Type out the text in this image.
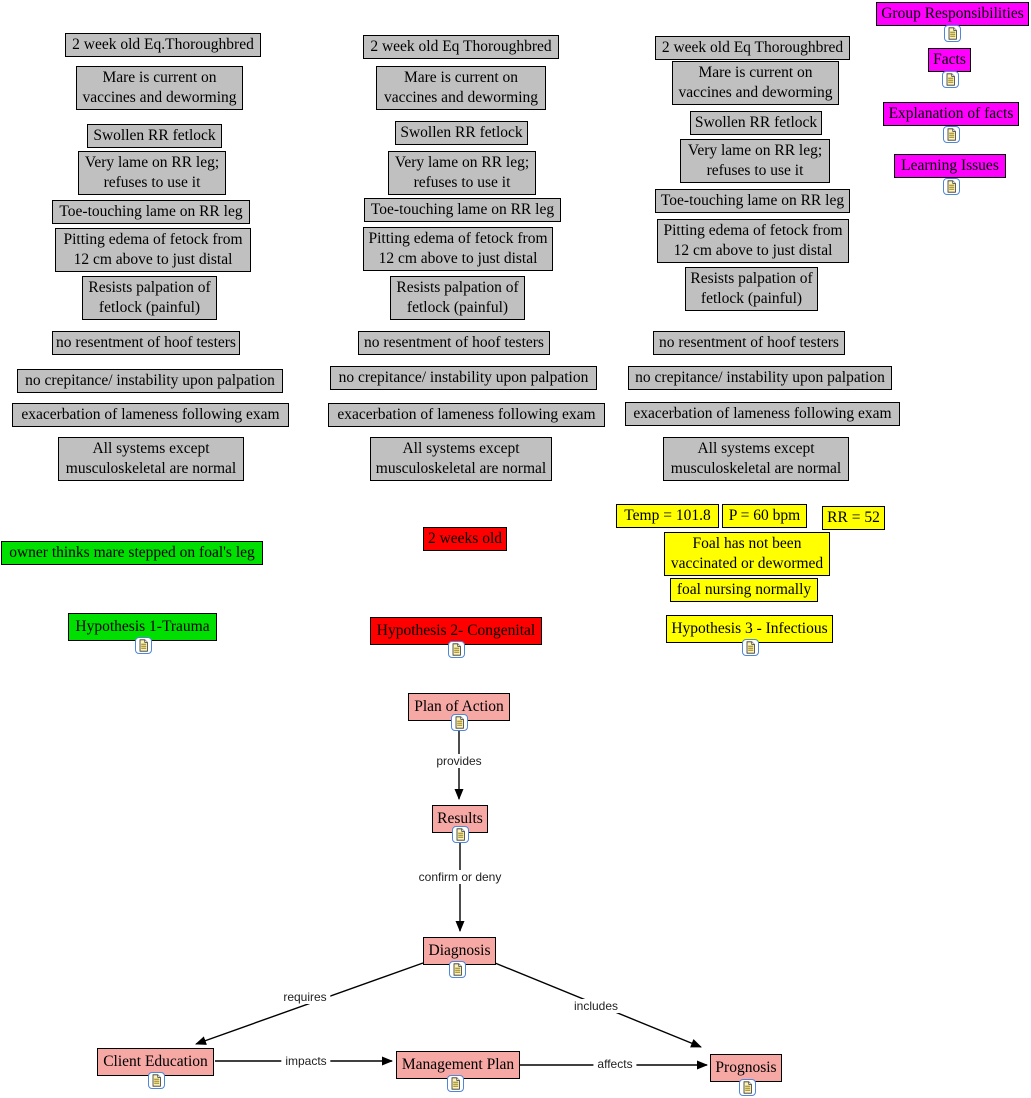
2 week old Eq.Thoroughbred
Mare is current on vaccines and deworming
Swollen RR fetlock
Very lame on RR leg; refuses to use it
Toe-touching lame on RR leg
Pitting edema of fetock from 12 cm above to just distal
Resists palpation of fetlock (painful)
no resentment of hoof testers
no crepitance/ instability upon palpation
exacerbation of lameness following exam
All systems except musculoskeletal are normal
2 week old Eq Thoroughbred
Mare is current on vaccines and deworming
Swollen RR fetlock
Very lame on RR leg; refuses to use it
Toe-touching lame on RR leg
Pitting edema of fetock from 12 cm above to just distal
Resists palpation of fetlock (painful)
no resentment of hoof testers
no crepitance/ instability upon palpation
exacerbation of lameness following exam
All systems except musculoskeletal are normal
2 week old Eq Thoroughbred
Mare is current on vaccines and deworming
Swollen RR fetlock
Very lame on RR leg; refuses to use it
Toe-touching lame on RR leg
Pitting edema of fetock from 12 cm above to just distal
Resists palpation of fetlock (painful)
no resentment of hoof testers
no crepitance/ instability upon palpation
exacerbation of lameness following exam
All systems except musculoskeletal are normal
owner thinks mare stepped on foal's leg
Hypothesis 1-Trauma
2 weeks old
Hypothesis 2- Congenital
Temp = 101.8	P = 60 bpm	RR = 52
Foal has not been vaccinated or dewormed
foal nursing normally
Hypothesis 3 - Infectious
Group Responsibilities
Facts
Explanation of facts
Learning Issues
Plan of Action
Results
Diagnosis
Client Education	Management Plan	Prognosis
provides
confirm or deny
requires
includes
impacts	affects
